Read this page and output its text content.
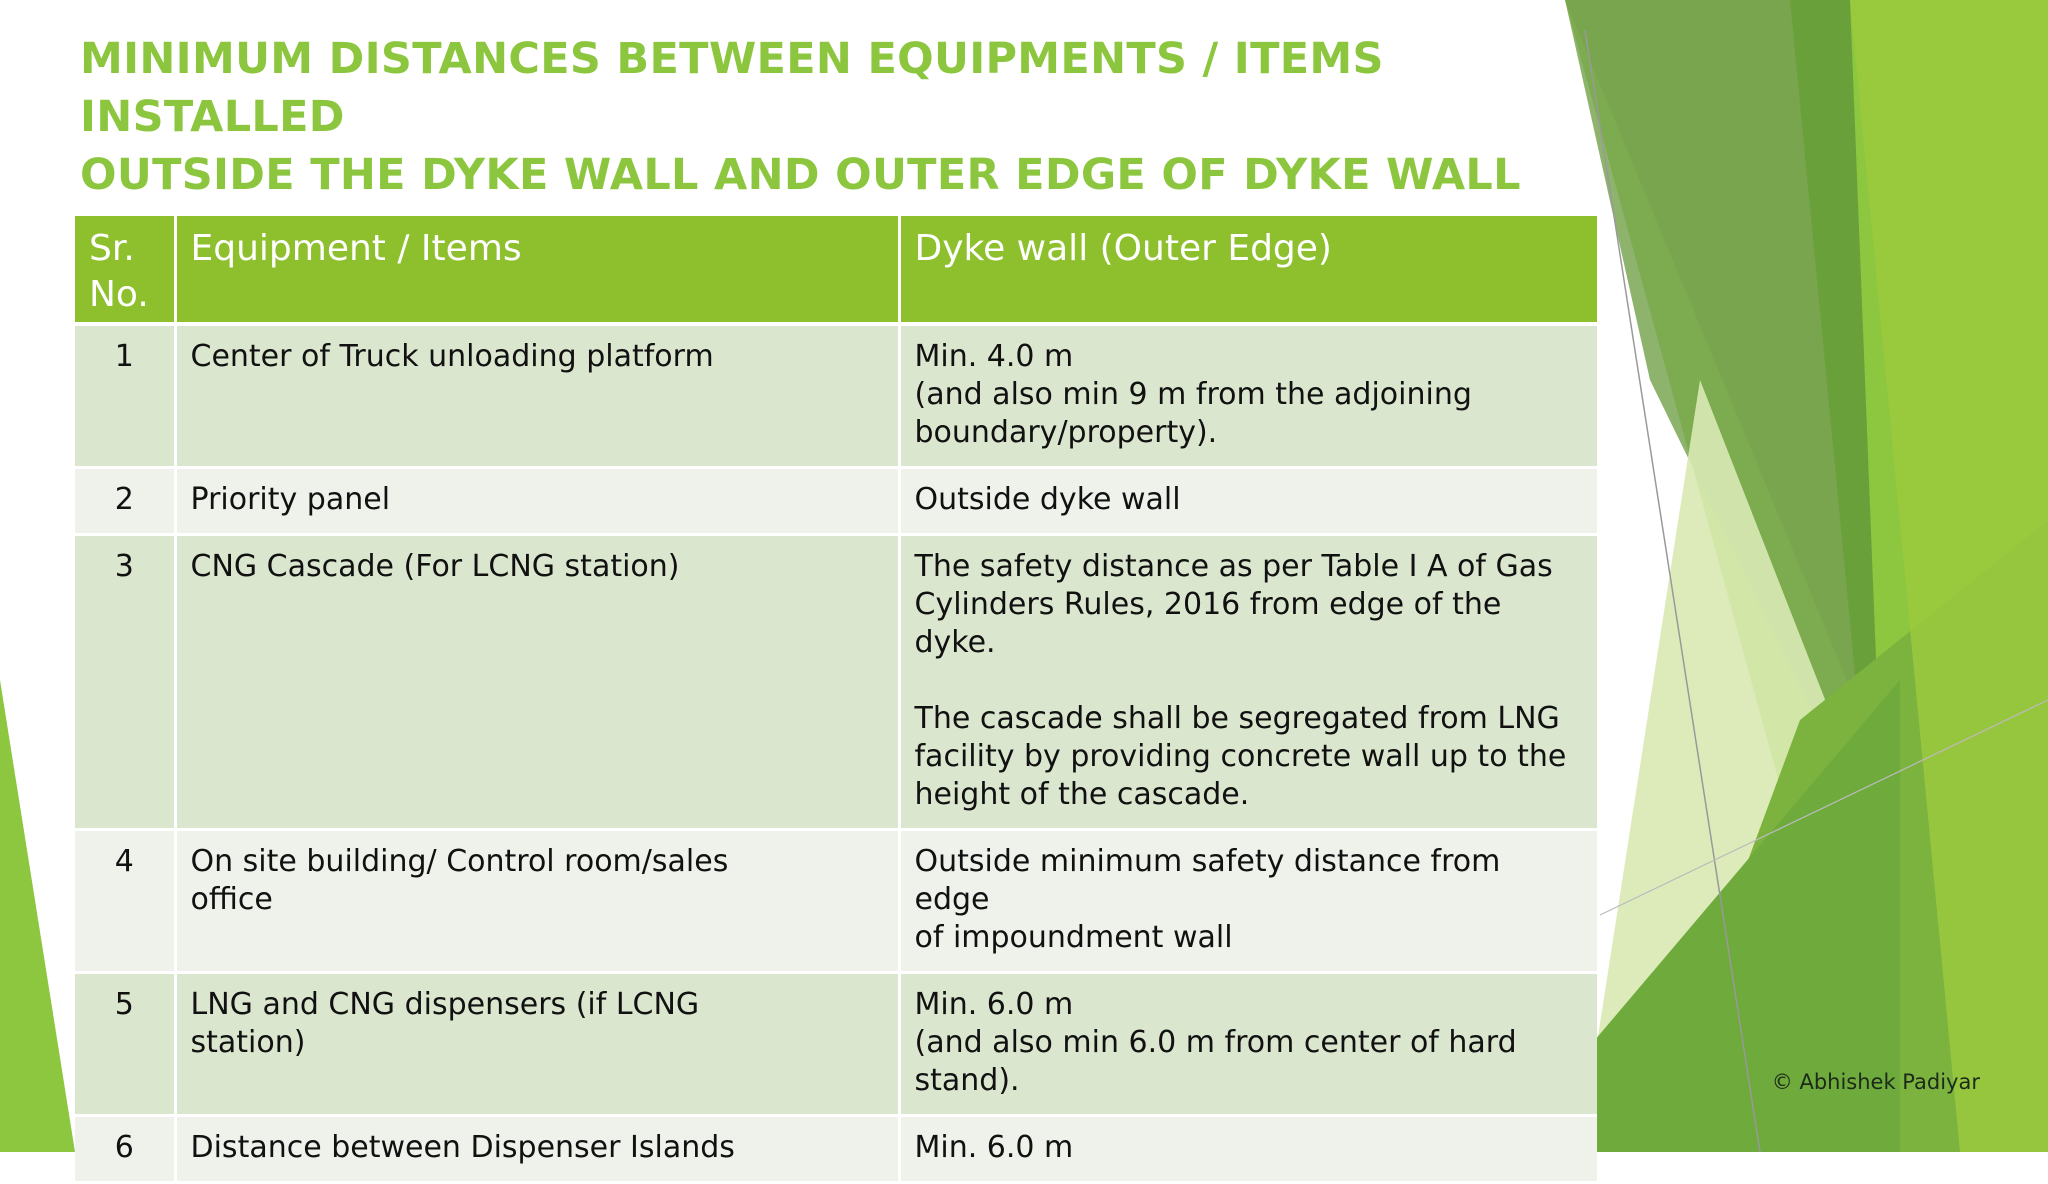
MINIMUM DISTANCES BETWEEN EQUIPMENTS / ITEMS INSTALLED
OUTSIDE THE DYKE WALL AND OUTER EDGE OF DYKE WALL
Sr.
No.	Equipment / Items	Dyke wall (Outer Edge)
1	Center of Truck unloading platform	Min. 4.0 m
(and also min 9 m from the adjoining
boundary/property).

2	Priority panel	Outside dyke wall

3	CNG Cascade (For LCNG station)	The safety distance as per Table I A of Gas
Cylinders Rules, 2016 from edge of the dyke.

The cascade shall be segregated from LNG
facility by providing concrete wall up to the
height of the cascade.

4	On site building/ Control room/sales
office	Outside minimum safety distance from edge
of impoundment wall

5	LNG and CNG dispensers (if LCNG
station)	Min. 6.0 m
(and also min 6.0 m from center of hard
stand).

6	Distance between Dispenser Islands	Min. 6.0 m
© Abhishek Padiyar
